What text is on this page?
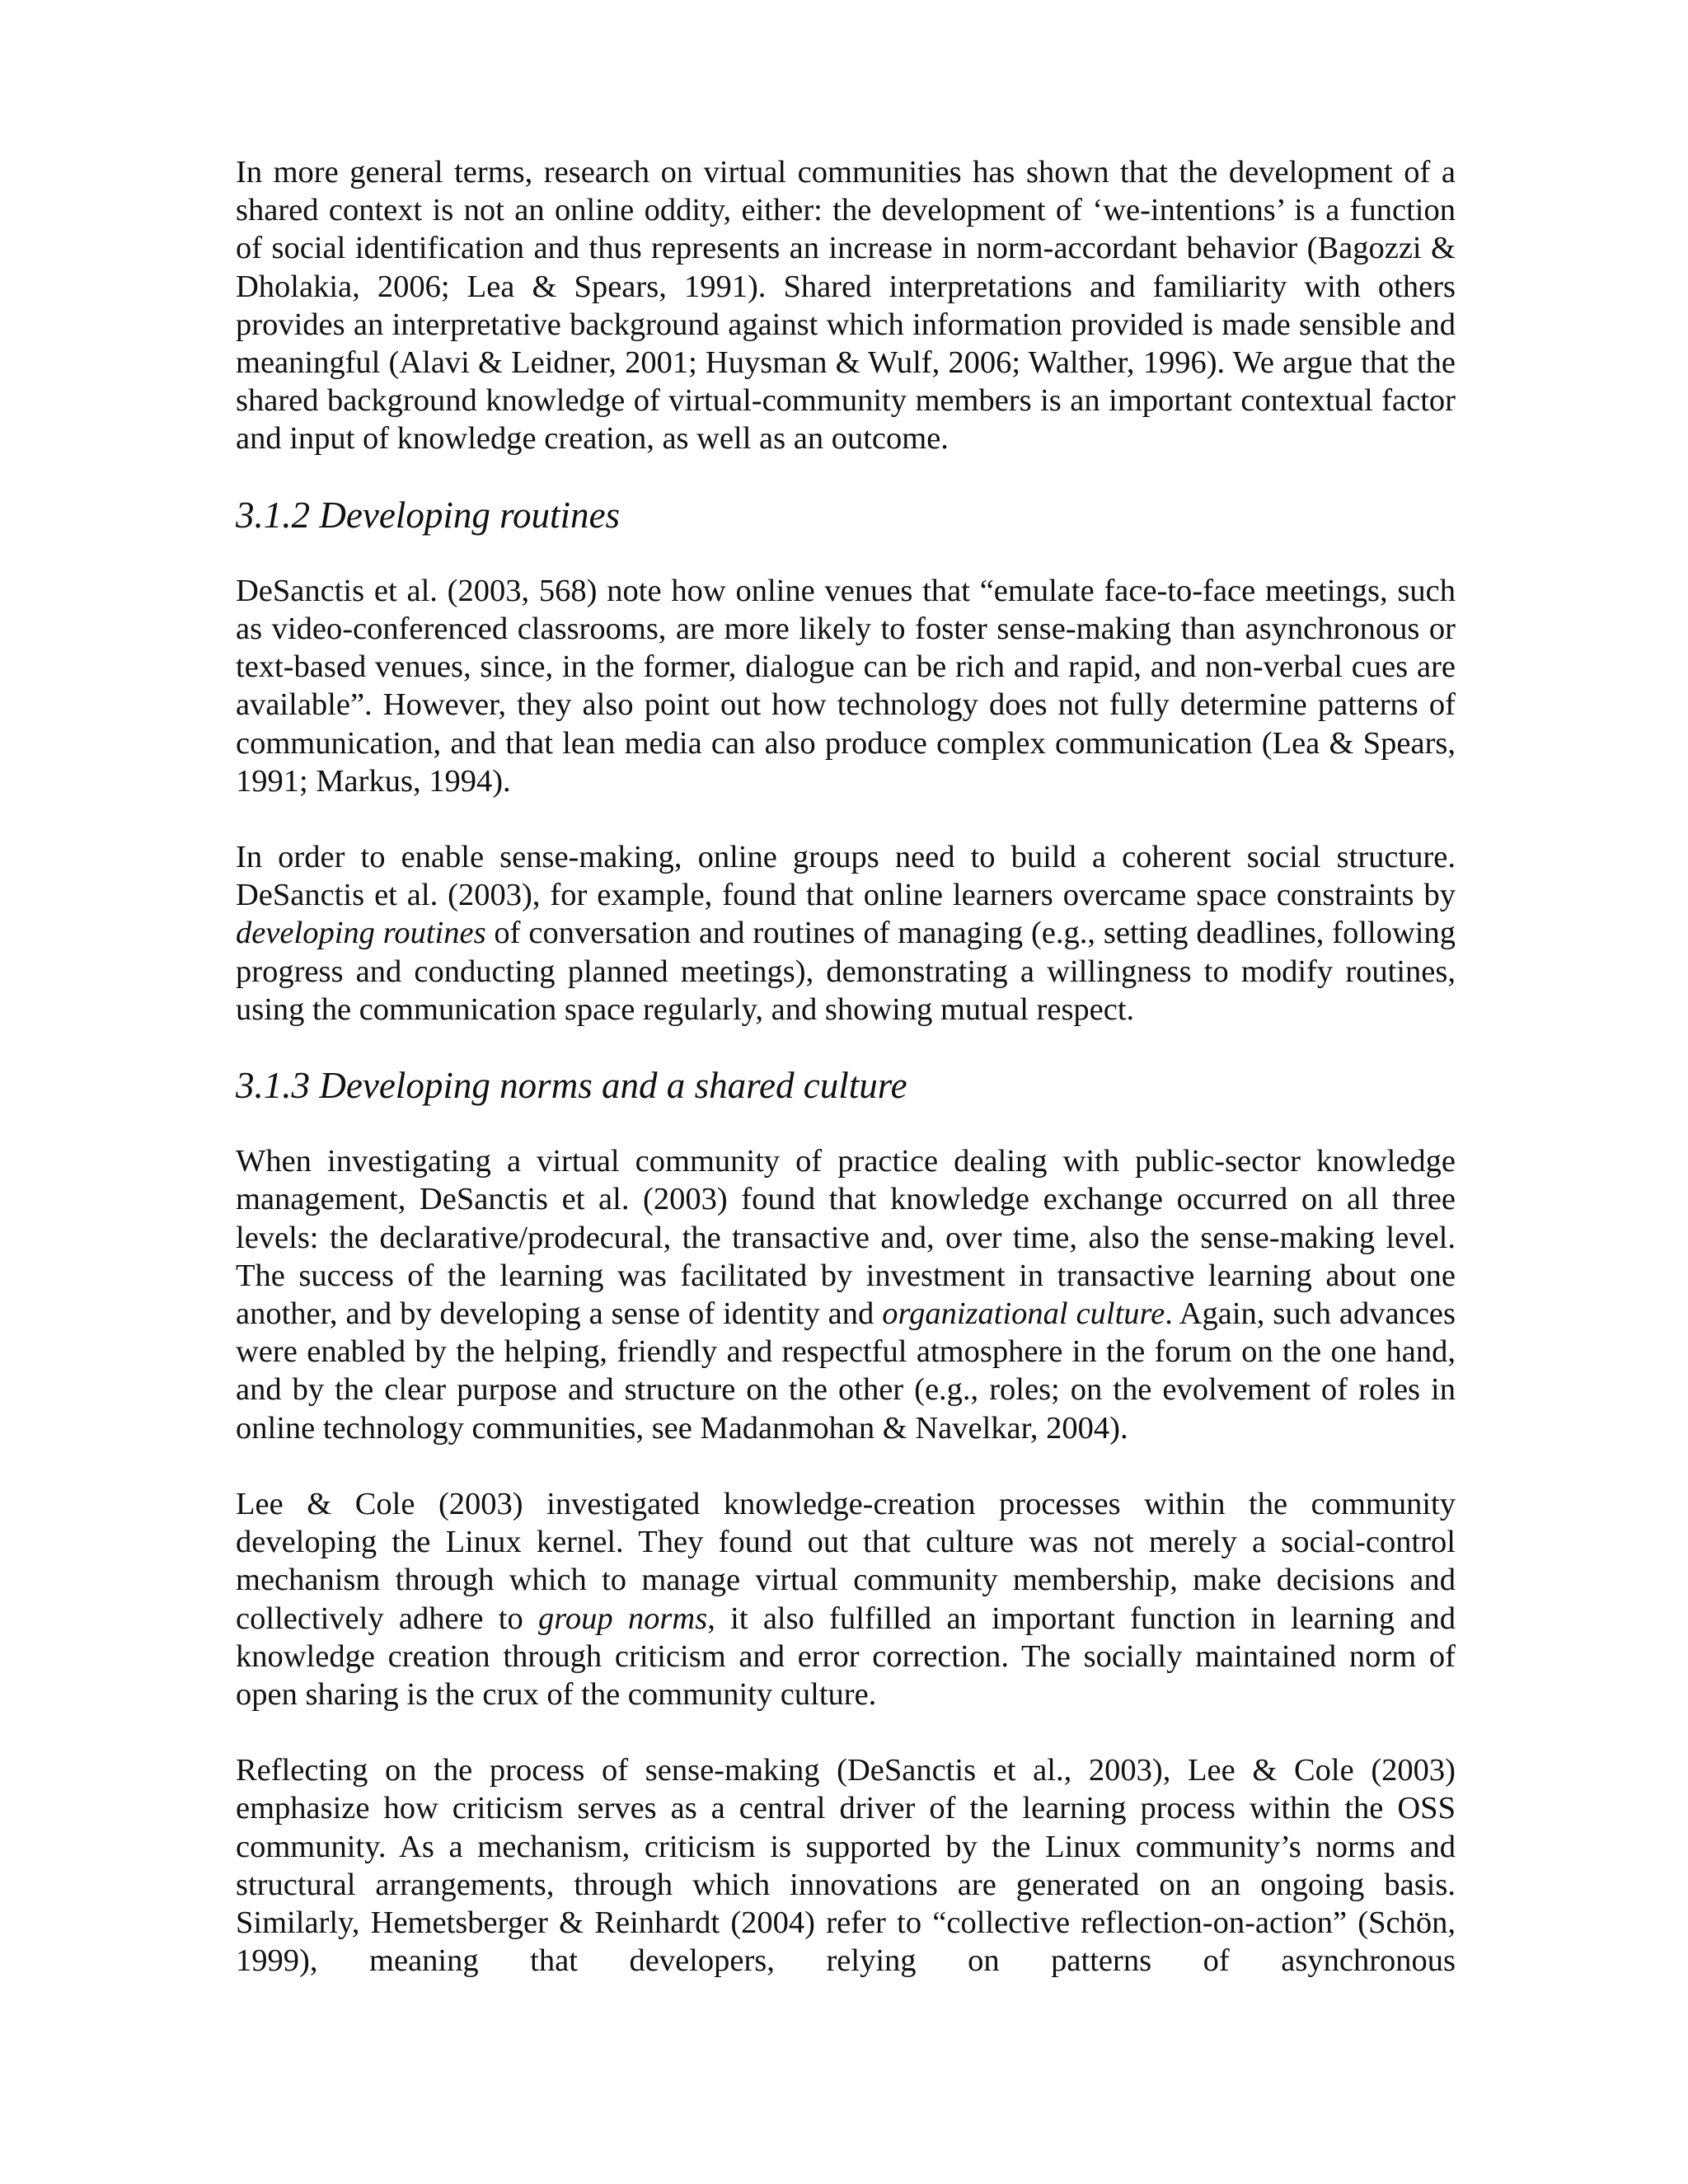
In more general terms, research on virtual communities has shown that the development of a shared context is not an online oddity, either: the development of ‘we-intentions’ is a function of social identification and thus represents an increase in norm-accordant behavior (Bagozzi & Dholakia, 2006; Lea & Spears, 1991). Shared interpretations and familiarity with others provides an interpretative background against which information provided is made sensible and meaningful (Alavi & Leidner, 2001; Huysman & Wulf, 2006; Walther, 1996). We argue that the shared background knowledge of virtual-community members is an important contextual factor and input of knowledge creation, as well as an outcome.

3.1.2 Developing routines

DeSanctis et al. (2003, 568) note how online venues that “emulate face-to-face meetings, such as video-conferenced classrooms, are more likely to foster sense-making than asynchronous or text-based venues, since, in the former, dialogue can be rich and rapid, and non-verbal cues are available”. However, they also point out how technology does not fully determine patterns of communication, and that lean media can also produce complex communication (Lea & Spears, 1991; Markus, 1994).

In order to enable sense-making, online groups need to build a coherent social structure. DeSanctis et al. (2003), for example, found that online learners overcame space constraints by developing routines of conversation and routines of managing (e.g., setting deadlines, following progress and conducting planned meetings), demonstrating a willingness to modify routines, using the communication space regularly, and showing mutual respect.

3.1.3 Developing norms and a shared culture

When investigating a virtual community of practice dealing with public-sector knowledge management, DeSanctis et al. (2003) found that knowledge exchange occurred on all three levels: the declarative/prodecural, the transactive and, over time, also the sense-making level. The success of the learning was facilitated by investment in transactive learning about one another, and by developing a sense of identity and organizational culture. Again, such advances were enabled by the helping, friendly and respectful atmosphere in the forum on the one hand, and by the clear purpose and structure on the other (e.g., roles; on the evolvement of roles in online technology communities, see Madanmohan & Navelkar, 2004).

Lee & Cole (2003) investigated knowledge-creation processes within the community developing the Linux kernel. They found out that culture was not merely a social-control mechanism through which to manage virtual community membership, make decisions and collectively adhere to group norms, it also fulfilled an important function in learning and knowledge creation through criticism and error correction. The socially maintained norm of open sharing is the crux of the community culture.

Reflecting on the process of sense-making (DeSanctis et al., 2003), Lee & Cole (2003) emphasize how criticism serves as a central driver of the learning process within the OSS community. As a mechanism, criticism is supported by the Linux community’s norms and structural arrangements, through which innovations are generated on an ongoing basis. Similarly, Hemetsberger & Reinhardt (2004) refer to “collective reflection-on-action” (Schön, 1999), meaning that developers, relying on patterns of asynchronous
